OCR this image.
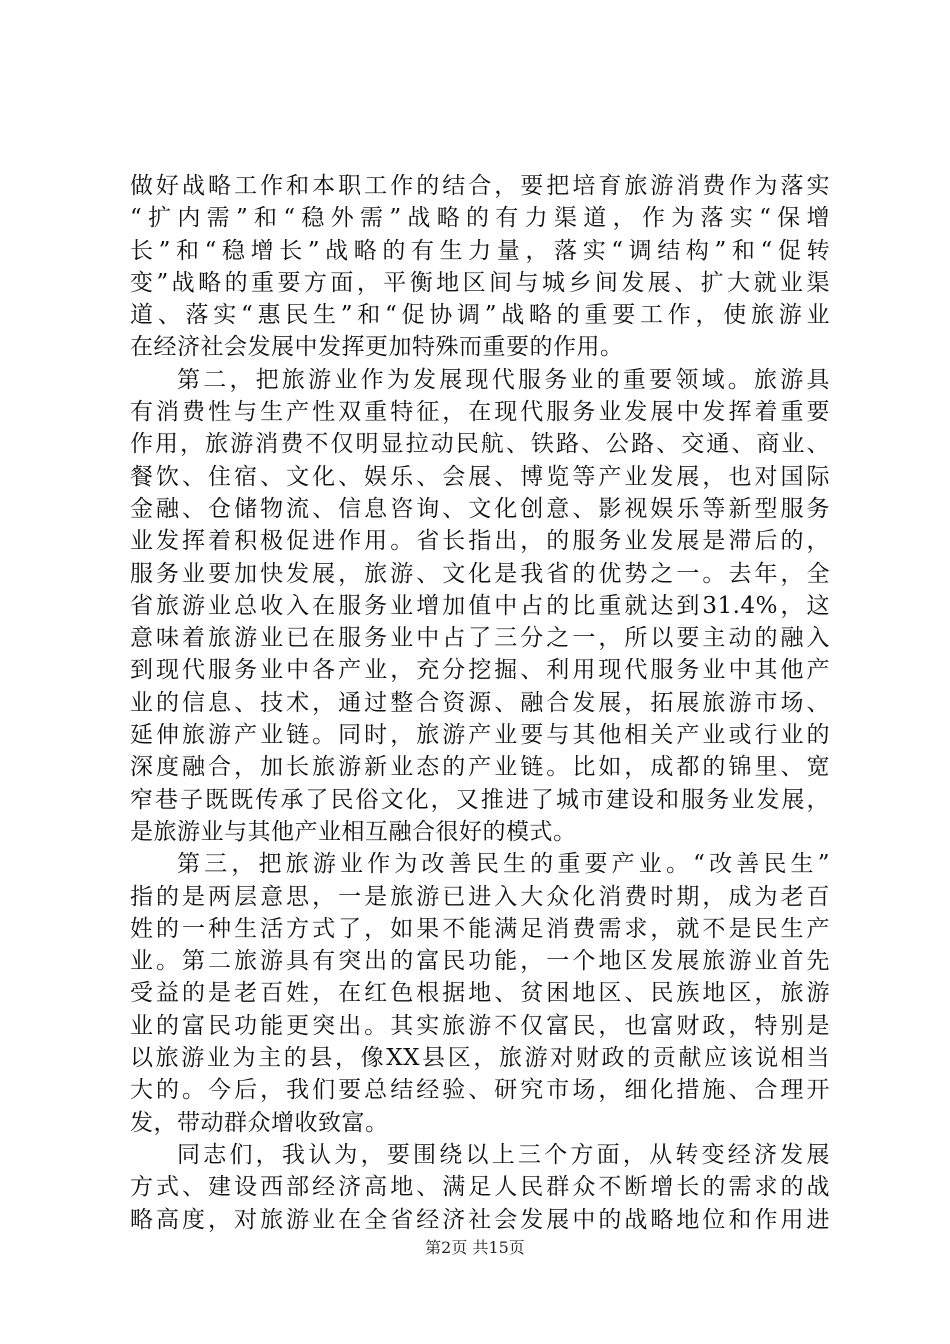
做好战略工作和本职工作的结合，要把培育旅游消费作为落实
“扩内需”和“稳外需”战略的有力渠道，作为落实“保增
长”和“稳增长”战略的有生力量，落实“调结构”和“促转
变”战略的重要方面，平衡地区间与城乡间发展、扩大就业渠
道、落实“惠民生”和“促协调”战略的重要工作，使旅游业
在经济社会发展中发挥更加特殊而重要的作用。
第二，把旅游业作为发展现代服务业的重要领域。旅游具
有消费性与生产性双重特征，在现代服务业发展中发挥着重要
作用，旅游消费不仅明显拉动民航、铁路、公路、交通、商业、
餐饮、住宿、文化、娱乐、会展、博览等产业发展，也对国际
金融、仓储物流、信息咨询、文化创意、影视娱乐等新型服务
业发挥着积极促进作用。省长指出，的服务业发展是滞后的，
服务业要加快发展，旅游、文化是我省的优势之一。去年，全
省旅游业总收入在服务业增加值中占的比重就达到31.4%，这
意味着旅游业已在服务业中占了三分之一，所以要主动的融入
到现代服务业中各产业，充分挖掘、利用现代服务业中其他产
业的信息、技术，通过整合资源、融合发展，拓展旅游市场、
延伸旅游产业链。同时，旅游产业要与其他相关产业或行业的
深度融合，加长旅游新业态的产业链。比如，成都的锦里、宽
窄巷子既既传承了民俗文化，又推进了城市建设和服务业发展，
是旅游业与其他产业相互融合很好的模式。
第三，把旅游业作为改善民生的重要产业。“改善民生”
指的是两层意思，一是旅游已进入大众化消费时期，成为老百
姓的一种生活方式了，如果不能满足消费需求，就不是民生产
业。第二旅游具有突出的富民功能，一个地区发展旅游业首先
受益的是老百姓，在红色根据地、贫困地区、民族地区，旅游
业的富民功能更突出。其实旅游不仅富民，也富财政，特别是
以旅游业为主的县，像XX县区，旅游对财政的贡献应该说相当
大的。今后，我们要总结经验、研究市场，细化措施、合理开
发，带动群众增收致富。
同志们，我认为，要围绕以上三个方面，从转变经济发展
方式、建设西部经济高地、满足人民群众不断增长的需求的战
略高度，对旅游业在全省经济社会发展中的战略地位和作用进
第2页 共15页
